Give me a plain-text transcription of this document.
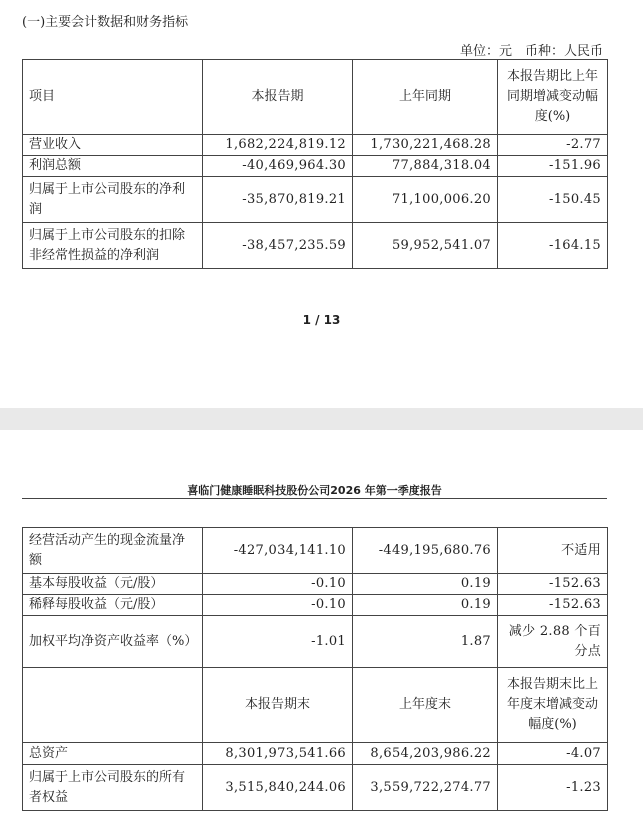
(一)主要会计数据和财务指标
单位：元　币种：人民币
项目	本报告期	上年同期	本报告期比上年同期增减变动幅度(%)
营业收入	1,682,224,819.12	1,730,221,468.28	-2.77
利润总额	-40,469,964.30	77,884,318.04	-151.96
归属于上市公司股东的净利润	-35,870,819.21	71,100,006.20	-150.45
归属于上市公司股东的扣除非经常性损益的净利润	-38,457,235.59	59,952,541.07	-164.15
1 / 13
喜临门健康睡眠科技股份公司2026 年第一季度报告
经营活动产生的现金流量净额	-427,034,141.10	-449,195,680.76	不适用
基本每股收益（元/股）	-0.10	0.19	-152.63
稀释每股收益（元/股）	-0.10	0.19	-152.63
加权平均净资产收益率（%）	-1.01	1.87	减少 2.88 个百分点
	本报告期末	上年度末	本报告期末比上年度末增减变动幅度(%)
总资产	8,301,973,541.66	8,654,203,986.22	-4.07
归属于上市公司股东的所有者权益	3,515,840,244.06	3,559,722,274.77	-1.23
